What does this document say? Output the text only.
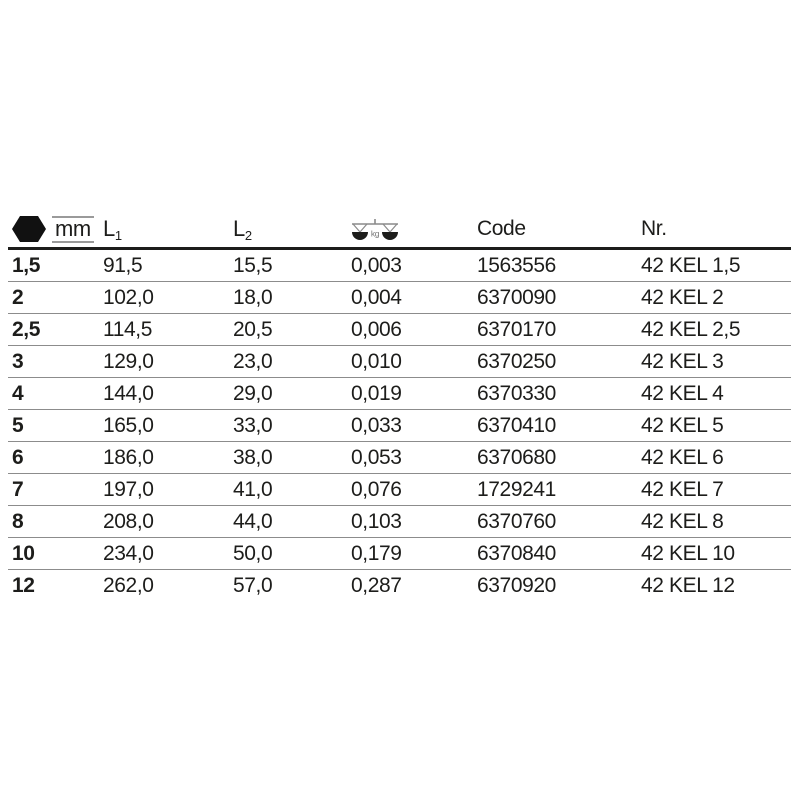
mm	$L_1$	$L_2$	kg	Code	Nr.
1,5	91,5	15,5	0,003	1563556	42 KEL 1,5
2	102,0	18,0	0,004	6370090	42 KEL 2
2,5	114,5	20,5	0,006	6370170	42 KEL 2,5
3	129,0	23,0	0,010	6370250	42 KEL 3
4	144,0	29,0	0,019	6370330	42 KEL 4
5	165,0	33,0	0,033	6370410	42 KEL 5
6	186,0	38,0	0,053	6370680	42 KEL 6
7	197,0	41,0	0,076	1729241	42 KEL 7
8	208,0	44,0	0,103	6370760	42 KEL 8
10	234,0	50,0	0,179	6370840	42 KEL 10
12	262,0	57,0	0,287	6370920	42 KEL 12
